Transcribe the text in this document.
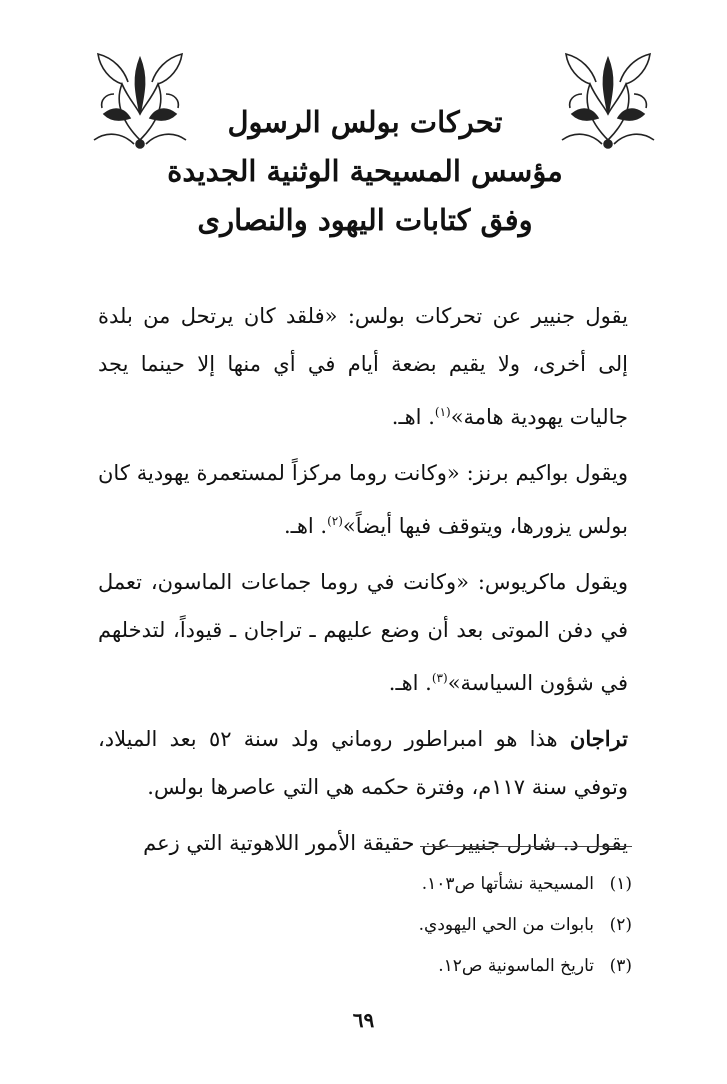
تحركات بولس الرسول
مؤسس المسيحية الوثنية الجديدة
وفق كتابات اليهود والنصارى

يقول جنيير عن تحركات بولس: «فلقد كان يرتحل من بلدة إلى أخرى، ولا يقيم بضعة أيام في أي منها إلا حينما يجد جاليات يهودية هامة»$^{(١)}$. اهـ.

ويقول بواكيم برنز: «وكانت روما مركزاً لمستعمرة يهودية كان بولس يزورها، ويتوقف فيها أيضاً»$^{(٢)}$. اهـ.

ويقول ماكريوس: «وكانت في روما جماعات الماسون، تعمل في دفن الموتى بعد أن وضع عليهم ـ تراجان ـ قيوداً، لتدخلهم في شؤون السياسة»$^{(٣)}$. اهـ.

تراجان هذا هو امبراطور روماني ولد سنة ٥٢ بعد الميلاد، وتوفي سنة ١١٧م، وفترة حكمه هي التي عاصرها بولس.

يقول د. شارل جنيير عن حقيقة الأمور اللاهوتية التي زعم

(١)المسيحية نشأتها ص١٠٣.
(٢)بابوات من الحي اليهودي.
(٣)تاريخ الماسونية ص١٢.
٦٩
